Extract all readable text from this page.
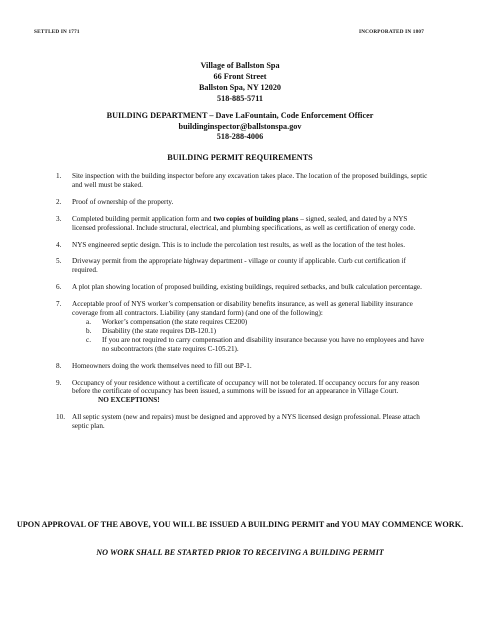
SETTLED IN 1771	INCORPORATED IN 1807
Village of Ballston Spa
66 Front Street
Ballston Spa, NY 12020
518-885-5711
BUILDING DEPARTMENT – Dave LaFountain, Code Enforcement Officer
buildinginspector@ballstonspa.gov
518-288-4006
BUILDING PERMIT REQUIREMENTS
1. Site inspection with the building inspector before any excavation takes place. The location of the proposed buildings, septic and well must be staked.
2. Proof of ownership of the property.
3. Completed building permit application form and two copies of building plans – signed, sealed, and dated by a NYS licensed professional. Include structural, electrical, and plumbing specifications, as well as certification of energy code.
4. NYS engineered septic design. This is to include the percolation test results, as well as the location of the test holes.
5. Driveway permit from the appropriate highway department - village or county if applicable. Curb cut certification if required.
6. A plot plan showing location of proposed building, existing buildings, required setbacks, and bulk calculation percentage.
7. Acceptable proof of NYS worker’s compensation or disability benefits insurance, as well as general liability insurance coverage from all contractors. Liability (any standard form) (and one of the following):
a. Worker’s compensation (the state requires CE200)
b. Disability (the state requires DB-120.1)
c. If you are not required to carry compensation and disability insurance because you have no employees and have no subcontractors (the state requires C-105.21).
8. Homeowners doing the work themselves need to fill out BP-1.
9. Occupancy of your residence without a certificate of occupancy will not be tolerated. If occupancy occurs for any reason before the certificate of occupancy has been issued, a summons will be issued for an appearance in Village Court. NO EXCEPTIONS!
10. All septic system (new and repairs) must be designed and approved by a NYS licensed design professional. Please attach septic plan.
UPON APPROVAL OF THE ABOVE, YOU WILL BE ISSUED A BUILDING PERMIT and YOU MAY COMMENCE WORK.
NO WORK SHALL BE STARTED PRIOR TO RECEIVING A BUILDING PERMIT
